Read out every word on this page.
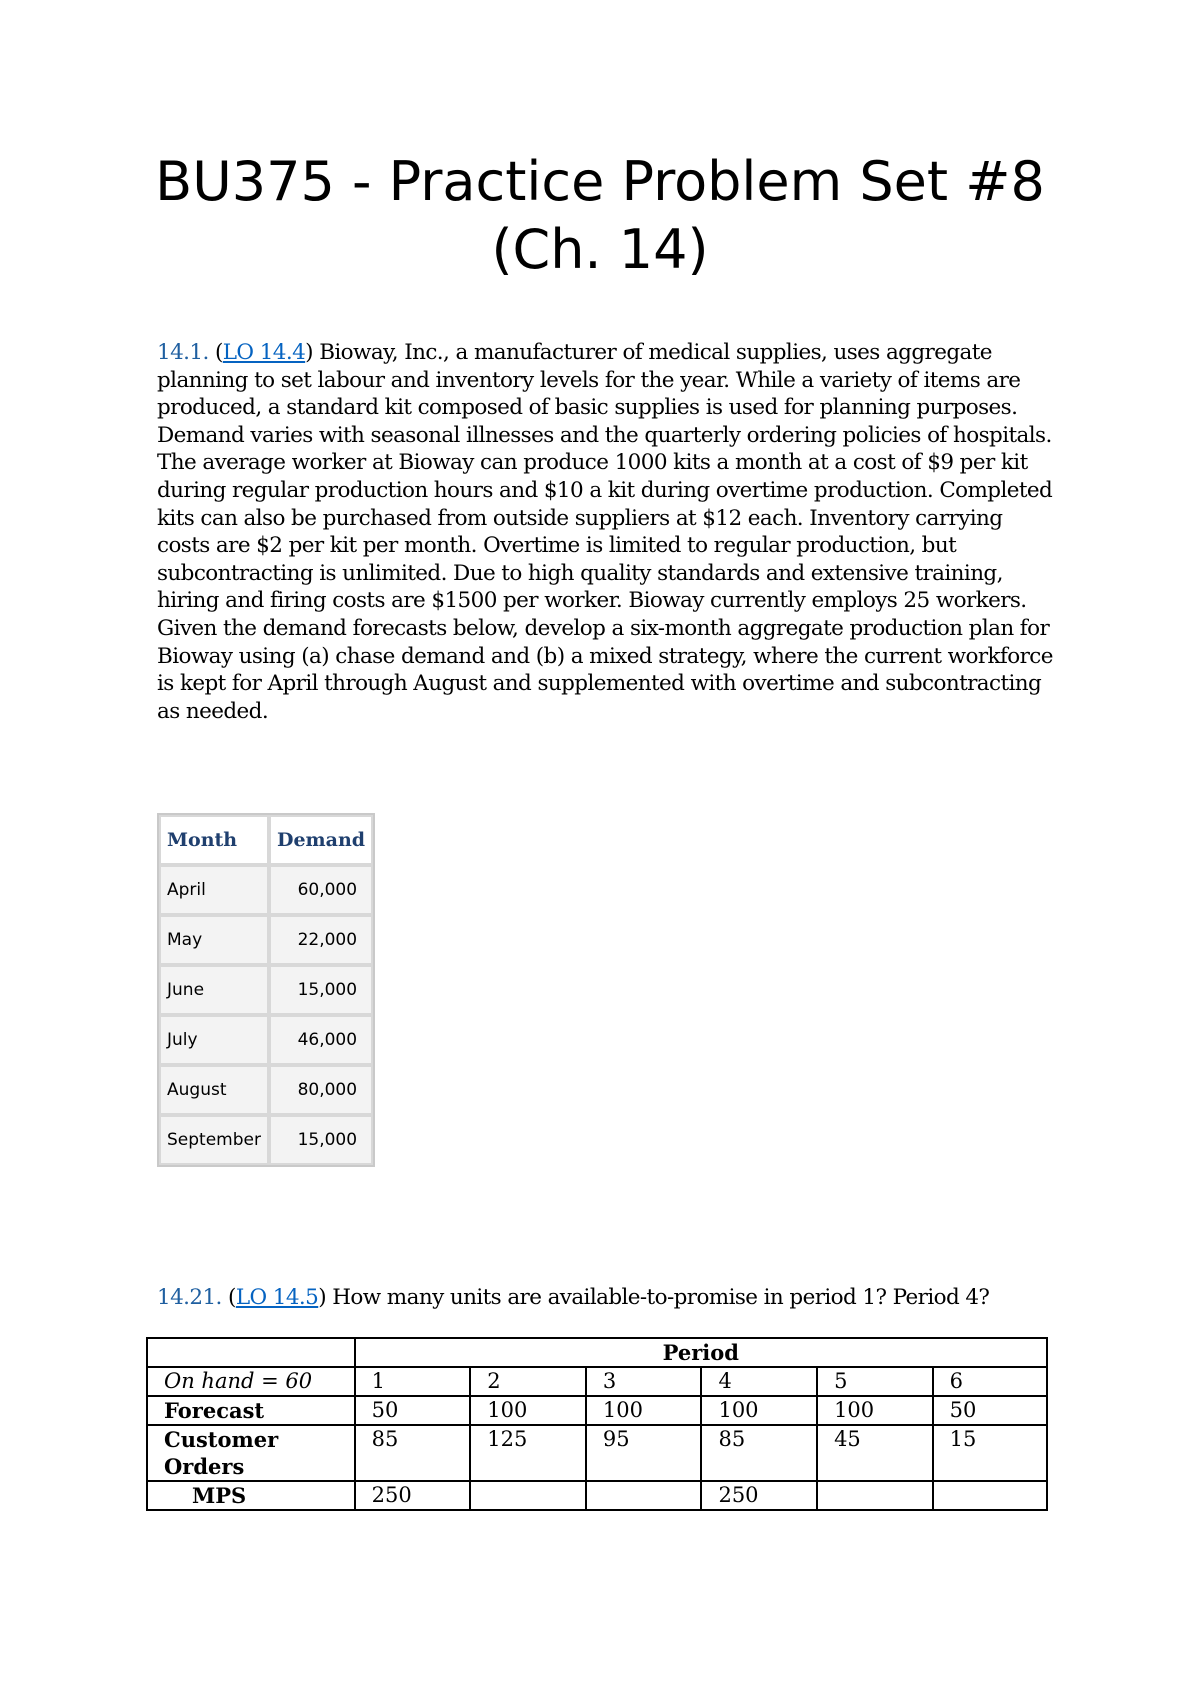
BU375 - Practice Problem Set #8
(Ch. 14)
14.1. (LO 14.4) Bioway, Inc., a manufacturer of medical supplies, uses aggregate planning to set labour and inventory levels for the year. While a variety of items are produced, a standard kit composed of basic supplies is used for planning purposes. Demand varies with seasonal illnesses and the quarterly ordering policies of hospitals. The average worker at Bioway can produce 1000 kits a month at a cost of $9 per kit during regular production hours and $10 a kit during overtime production. Completed kits can also be purchased from outside suppliers at $12 each. Inventory carrying costs are $2 per kit per month. Overtime is limited to regular production, but subcontracting is unlimited. Due to high quality standards and extensive training, hiring and firing costs are $1500 per worker. Bioway currently employs 25 workers. Given the demand forecasts below, develop a six-month aggregate production plan for Bioway using (a) chase demand and (b) a mixed strategy, where the current workforce is kept for April through August and supplemented with overtime and subcontracting as needed.
Month	Demand
April	60,000
May	22,000
June	15,000
July	46,000
August	80,000
September	15,000
14.21. (LO 14.5) How many units are available-to-promise in period 1? Period 4?
	Period					
On hand = 60	1	2	3	4	5	6
Forecast	50	100	100	100	100	50
Customer Orders	85	125	95	85	45	15
MPS	250			250		
